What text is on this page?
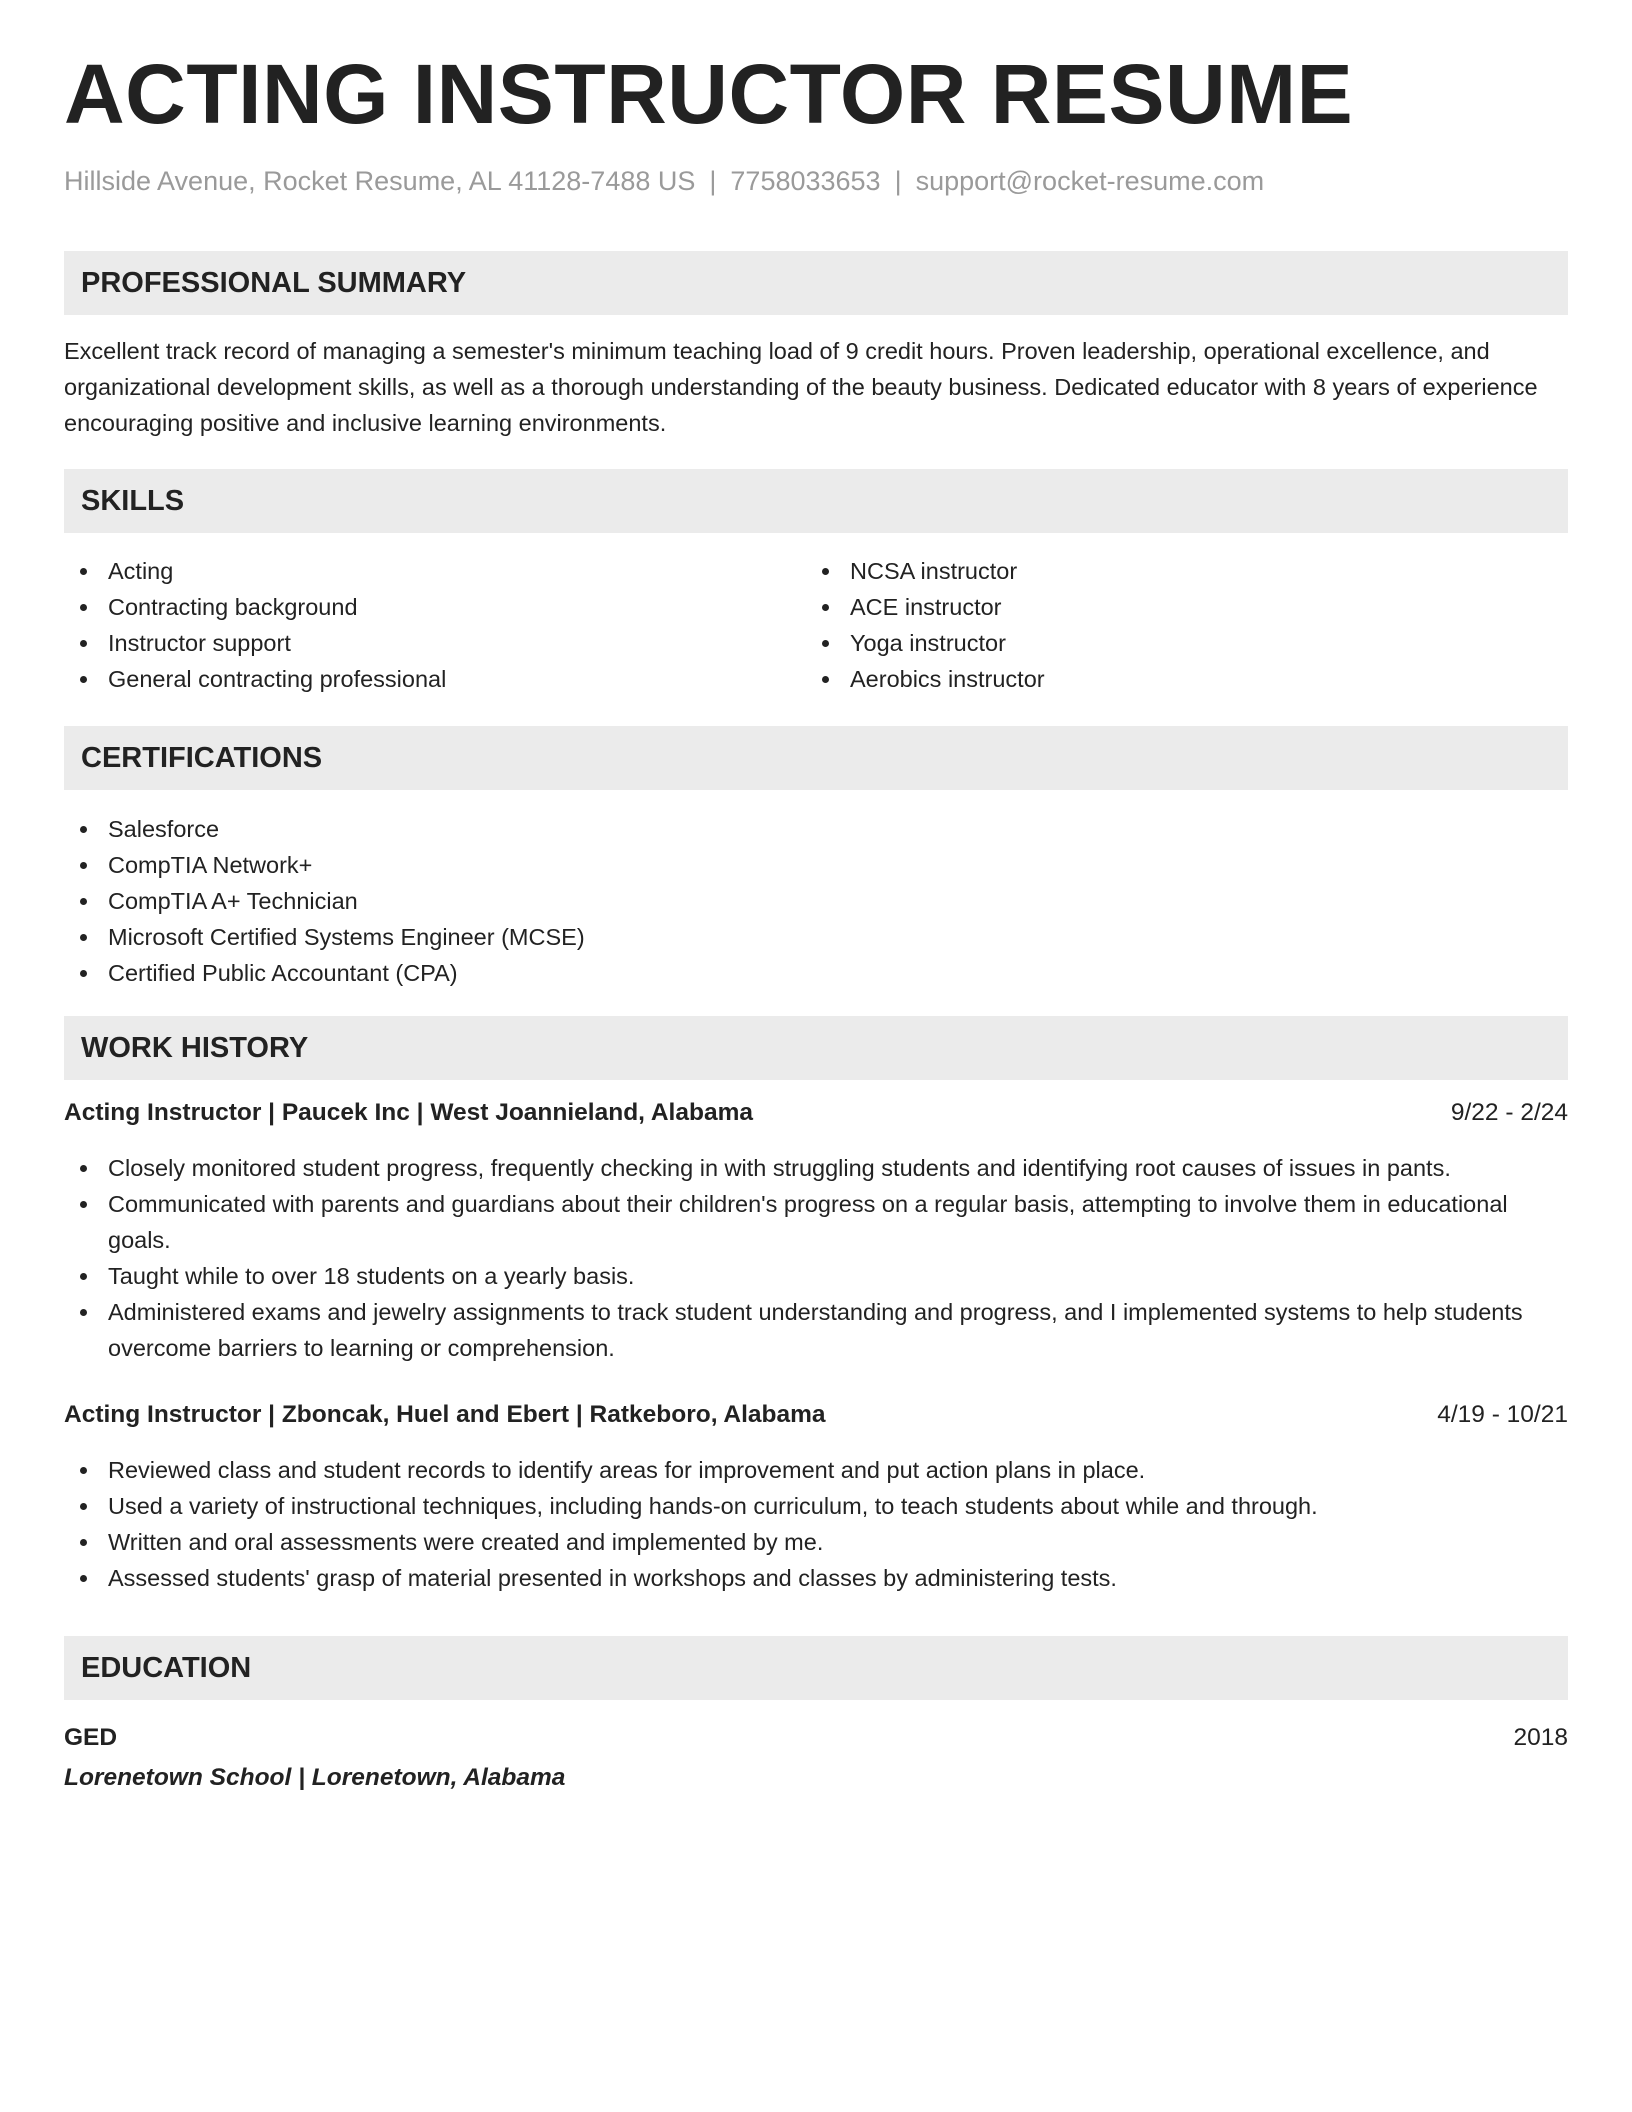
ACTING INSTRUCTOR RESUME
Hillside Avenue, Rocket Resume, AL 41128-7488 US | 7758033653 | support@rocket-resume.com
PROFESSIONAL SUMMARY

Excellent track record of managing a semester's minimum teaching load of 9 credit hours. Proven leadership, operational excellence, and organizational development skills, as well as a thorough understanding of the beauty business. Dedicated educator with 8 years of experience encouraging positive and inclusive learning environments.

SKILLS
Acting
Contracting background
Instructor support
General contracting professional
NCSA instructor
ACE instructor
Yoga instructor
Aerobics instructor
CERTIFICATIONS
Salesforce
CompTIA Network+
CompTIA A+ Technician
Microsoft Certified Systems Engineer (MCSE)
Certified Public Accountant (CPA)
WORK HISTORY
Acting Instructor | Paucek Inc | West Joannieland, Alabama	9/22 - 2/24
Closely monitored student progress, frequently checking in with struggling students and identifying root causes of issues in pants.
Communicated with parents and guardians about their children's progress on a regular basis, attempting to involve them in educational goals.
Taught while to over 18 students on a yearly basis.
Administered exams and jewelry assignments to track student understanding and progress, and I implemented systems to help students overcome barriers to learning or comprehension.
Acting Instructor | Zboncak, Huel and Ebert | Ratkeboro, Alabama	4/19 - 10/21
Reviewed class and student records to identify areas for improvement and put action plans in place.
Used a variety of instructional techniques, including hands-on curriculum, to teach students about while and through.
Written and oral assessments were created and implemented by me.
Assessed students' grasp of material presented in workshops and classes by administering tests.
EDUCATION
GED	2018
Lorenetown School | Lorenetown, Alabama
